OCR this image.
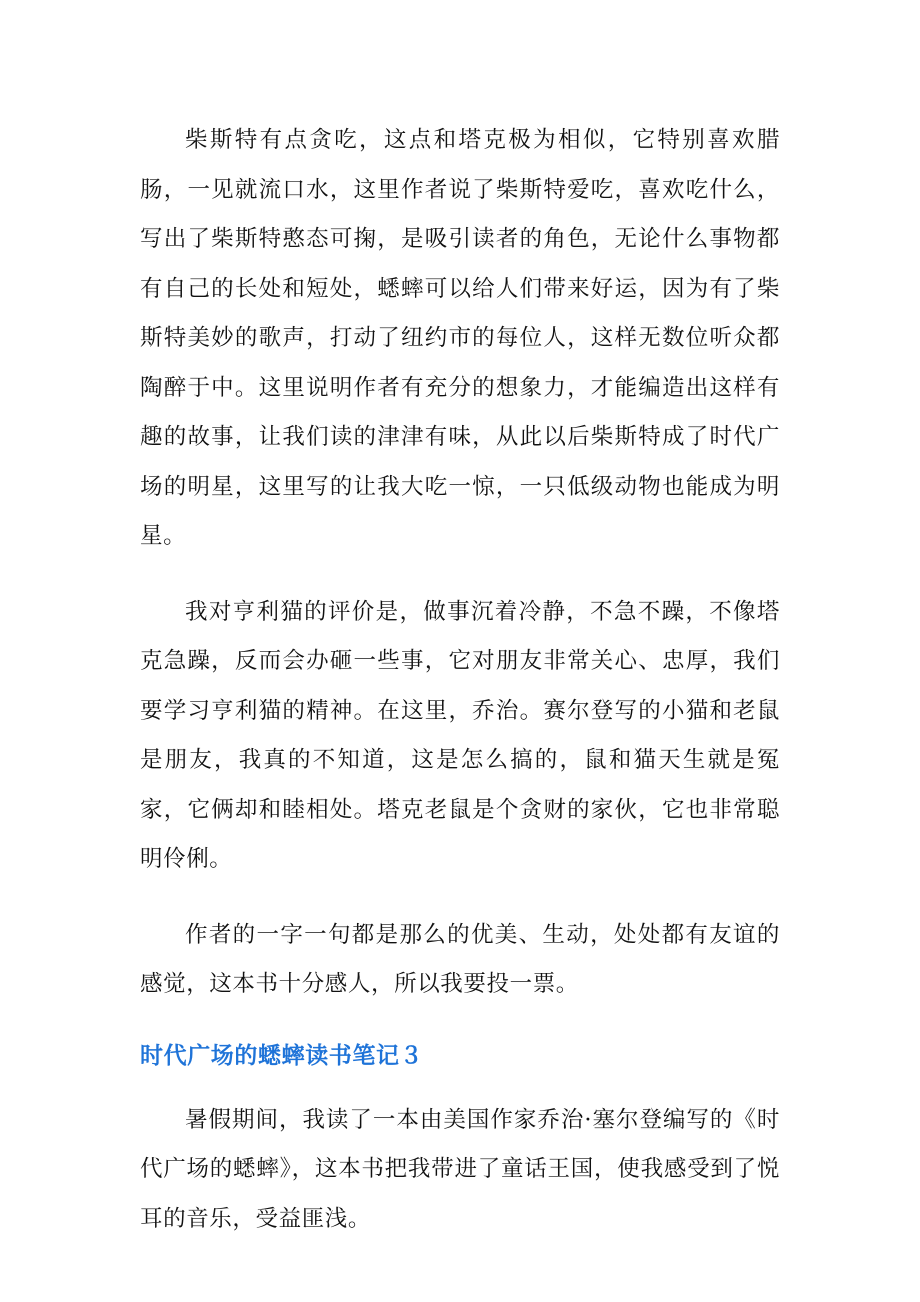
柴斯特有点贪吃，这点和塔克极为相似，它特别喜欢腊肠，一见就流口水，这里作者说了柴斯特爱吃，喜欢吃什么，写出了柴斯特憨态可掬，是吸引读者的角色，无论什么事物都有自己的长处和短处，蟋蟀可以给人们带来好运，因为有了柴斯特美妙的歌声，打动了纽约市的每位人，这样无数位听众都陶醉于中。这里说明作者有充分的想象力，才能编造出这样有趣的故事，让我们读的津津有味，从此以后柴斯特成了时代广场的明星，这里写的让我大吃一惊，一只低级动物也能成为明星。

我对亨利猫的评价是，做事沉着冷静，不急不躁，不像塔克急躁，反而会办砸一些事，它对朋友非常关心、忠厚，我们要学习亨利猫的精神。在这里，乔治。赛尔登写的小猫和老鼠是朋友，我真的不知道，这是怎么搞的，鼠和猫天生就是冤家，它俩却和睦相处。塔克老鼠是个贪财的家伙，它也非常聪明伶俐。

作者的一字一句都是那么的优美、生动，处处都有友谊的感觉，这本书十分感人，所以我要投一票。

时代广场的蟋蟀读书笔记３

暑假期间，我读了一本由美国作家乔治·塞尔登编写的《时代广场的蟋蟀》，这本书把我带进了童话王国，使我感受到了悦耳的音乐，受益匪浅。
